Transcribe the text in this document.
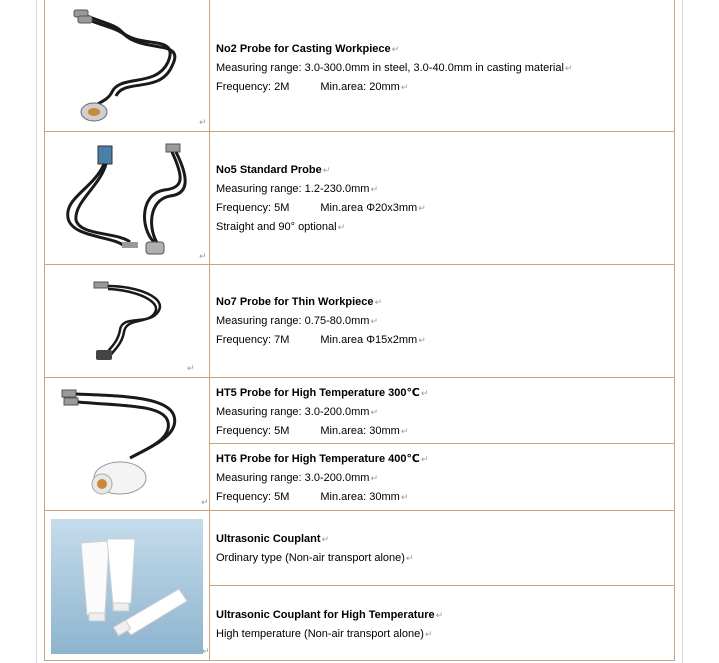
↵
No2 Probe for Casting Workpiece↵
Measuring range: 3.0-300.0mm in steel, 3.0-40.0mm in casting material↵
Frequency: 2M	Min.area: 20mm↵
↵
No5 Standard Probe↵
Measuring range: 1.2-230.0mm↵
Frequency: 5M	Min.area Φ20x3mm↵
Straight and 90° optional↵
↵
No7 Probe for Thin Workpiece↵
Measuring range: 0.75-80.0mm↵
Frequency: 7M	Min.area Φ15x2mm↵
↵
HT5 Probe for High Temperature 300℃↵
Measuring range: 3.0-200.0mm↵
Frequency: 5M	Min.area: 30mm↵
HT6 Probe for High Temperature 400℃↵
Measuring range: 3.0-200.0mm↵
Frequency: 5M	Min.area: 30mm↵
↵
Ultrasonic Couplant↵
Ordinary type (Non-air transport alone)↵
Ultrasonic Couplant for High Temperature↵
High temperature (Non-air transport alone)↵
